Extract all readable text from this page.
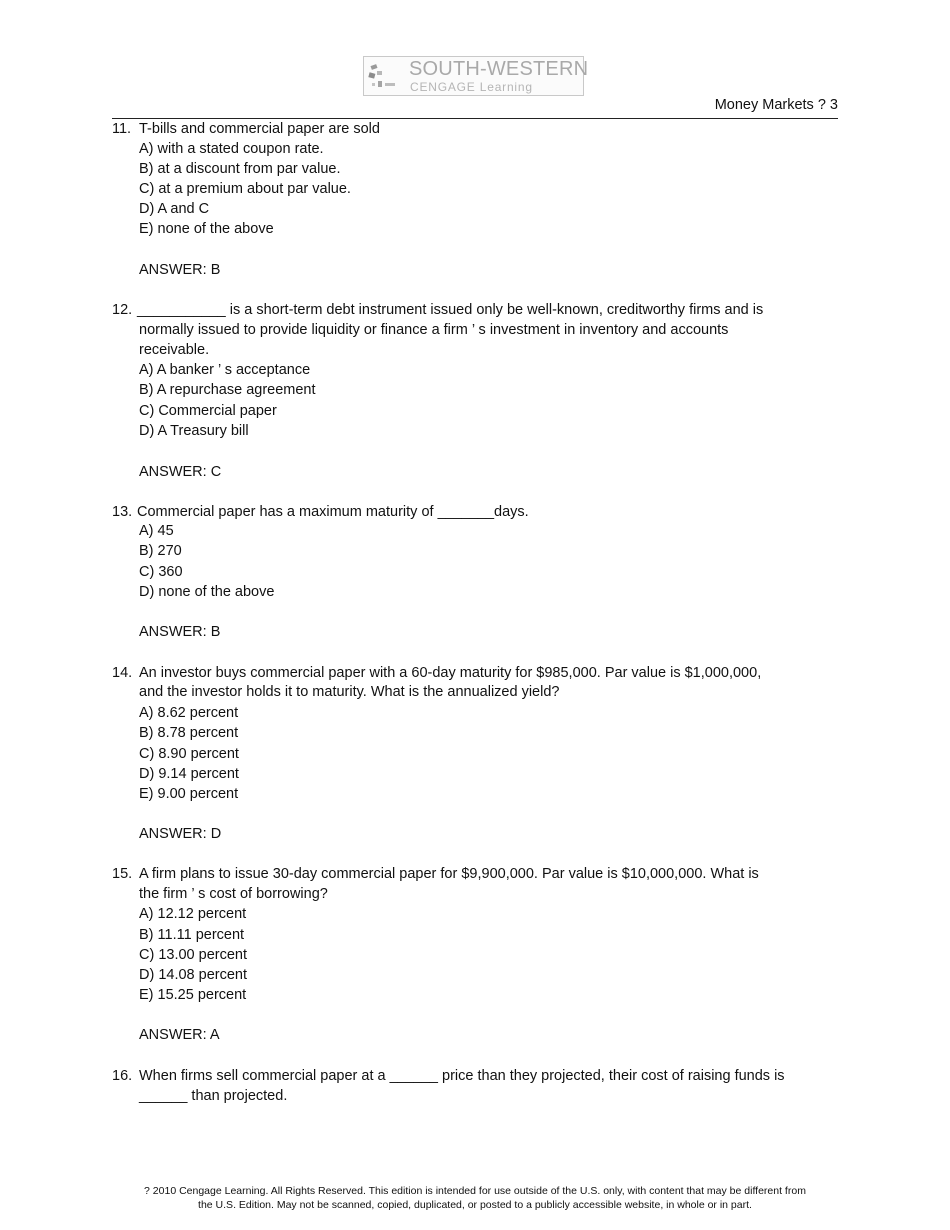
SOUTH-WESTERN
CENGAGE Learning
Money Markets ? 3
11. T-bills and commercial paper are sold
A) with a stated coupon rate.
B) at a discount from par value.
C) at a premium about par value.
D) A and C
E) none of the above
ANSWER: B
12. ___________ is a short-term debt instrument issued only be well-known, creditworthy firms and is
normally issued to provide liquidity or finance a firm ’ s investment in inventory and accounts
receivable.
A) A banker ’ s acceptance
B) A repurchase agreement
C) Commercial paper
D) A Treasury bill
ANSWER: C
13. Commercial paper has a maximum maturity of _______days.
A) 45
B) 270
C) 360
D) none of the above
ANSWER: B
14. An investor buys commercial paper with a 60-day maturity for $985,000. Par value is $1,000,000,
and the investor holds it to maturity. What is the annualized yield?
A) 8.62 percent
B) 8.78 percent
C) 8.90 percent
D) 9.14 percent
E) 9.00 percent
ANSWER: D
15. A firm plans to issue 30-day commercial paper for $9,900,000. Par value is $10,000,000. What is
the firm ’ s cost of borrowing?
A) 12.12 percent
B) 11.11 percent
C) 13.00 percent
D) 14.08 percent
E) 15.25 percent
ANSWER: A
16. When firms sell commercial paper at a ______ price than they projected, their cost of raising funds is
______ than projected.
? 2010 Cengage Learning. All Rights Reserved. This edition is intended for use outside of the U.S. only, with content that may be different from
the U.S. Edition. May not be scanned, copied, duplicated, or posted to a publicly accessible website, in whole or in part.
